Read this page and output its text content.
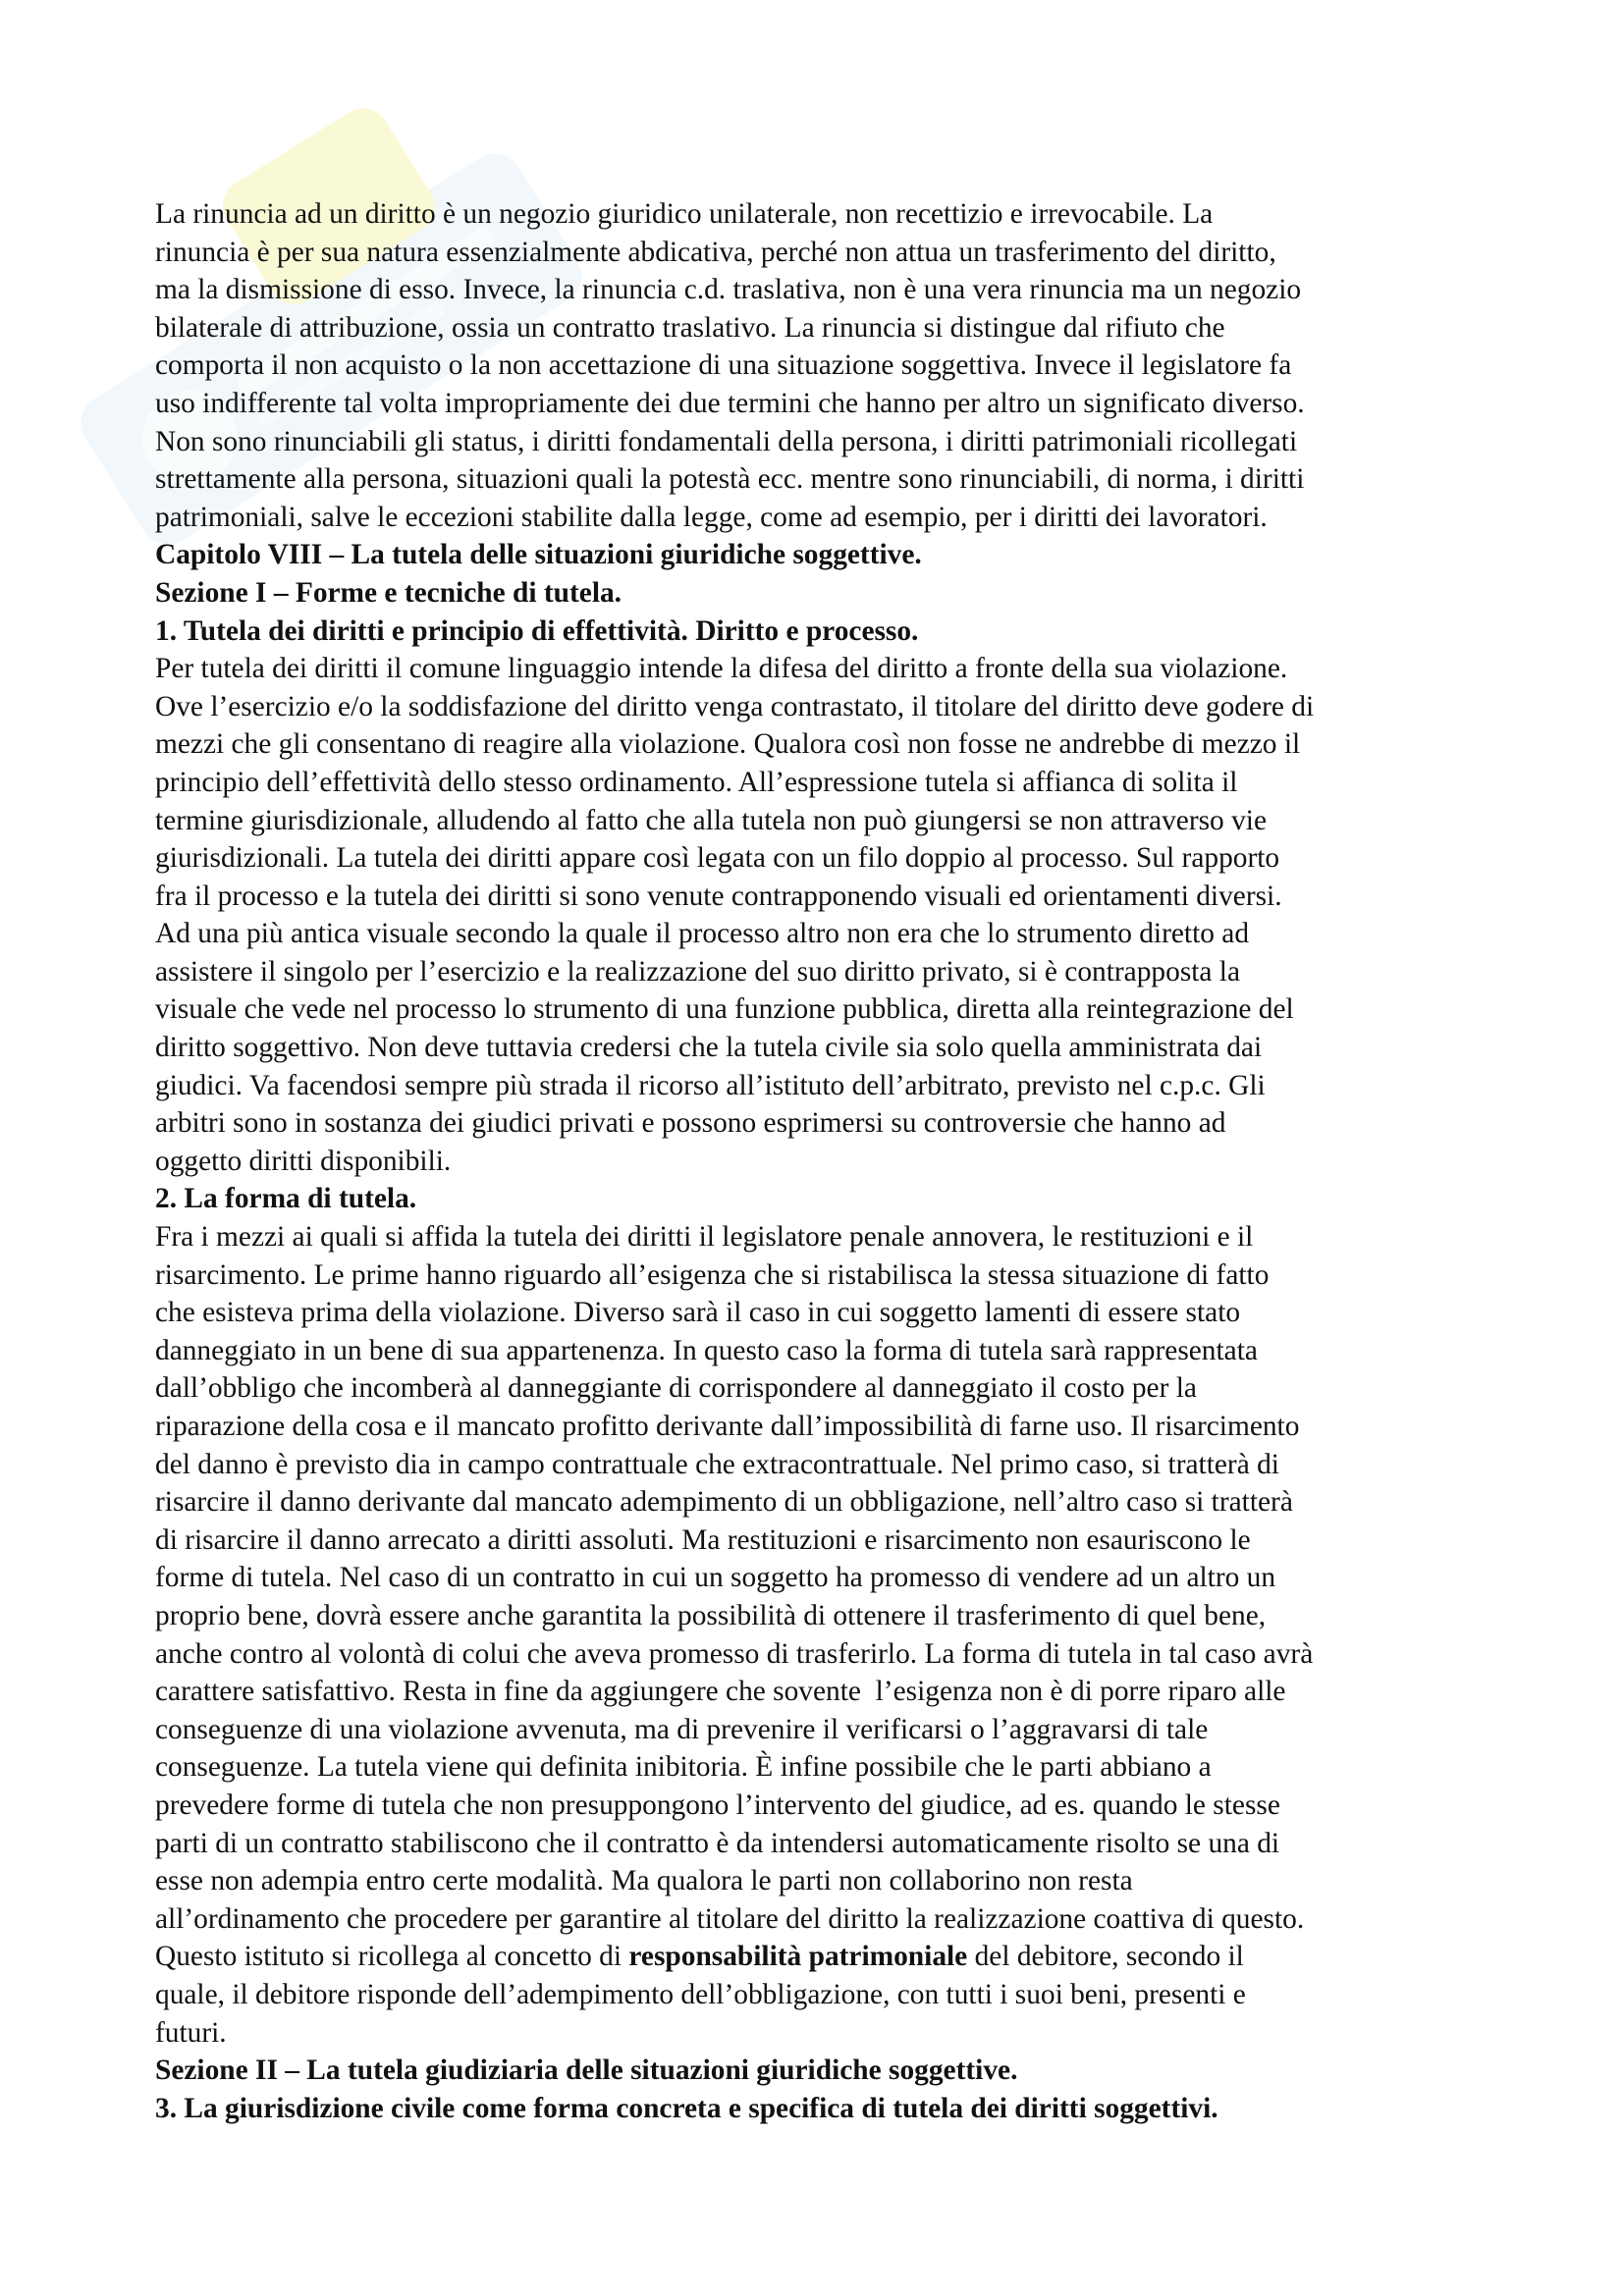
La rinuncia ad un diritto è un negozio giuridico unilaterale, non recettizio e irrevocabile. La
rinuncia è per sua natura essenzialmente abdicativa, perché non attua un trasferimento del diritto,
ma la dismissione di esso. Invece, la rinuncia c.d. traslativa, non è una vera rinuncia ma un negozio
bilaterale di attribuzione, ossia un contratto traslativo. La rinuncia si distingue dal rifiuto che
comporta il non acquisto o la non accettazione di una situazione soggettiva. Invece il legislatore fa
uso indifferente tal volta impropriamente dei due termini che hanno per altro un significato diverso.
Non sono rinunciabili gli status, i diritti fondamentali della persona, i diritti patrimoniali ricollegati
strettamente alla persona, situazioni quali la potestà ecc. mentre sono rinunciabili, di norma, i diritti
patrimoniali, salve le eccezioni stabilite dalla legge, come ad esempio, per i diritti dei lavoratori.
Capitolo VIII – La tutela delle situazioni giuridiche soggettive.
Sezione I – Forme e tecniche di tutela.
1. Tutela dei diritti e principio di effettività. Diritto e processo.
Per tutela dei diritti il comune linguaggio intende la difesa del diritto a fronte della sua violazione.
Ove l’esercizio e/o la soddisfazione del diritto venga contrastato, il titolare del diritto deve godere di
mezzi che gli consentano di reagire alla violazione. Qualora così non fosse ne andrebbe di mezzo il
principio dell’effettività dello stesso ordinamento. All’espressione tutela si affianca di solita il
termine giurisdizionale, alludendo al fatto che alla tutela non può giungersi se non attraverso vie
giurisdizionali. La tutela dei diritti appare così legata con un filo doppio al processo. Sul rapporto
fra il processo e la tutela dei diritti si sono venute contrapponendo visuali ed orientamenti diversi.
Ad una più antica visuale secondo la quale il processo altro non era che lo strumento diretto ad
assistere il singolo per l’esercizio e la realizzazione del suo diritto privato, si è contrapposta la
visuale che vede nel processo lo strumento di una funzione pubblica, diretta alla reintegrazione del
diritto soggettivo. Non deve tuttavia credersi che la tutela civile sia solo quella amministrata dai
giudici. Va facendosi sempre più strada il ricorso all’istituto dell’arbitrato, previsto nel c.p.c. Gli
arbitri sono in sostanza dei giudici privati e possono esprimersi su controversie che hanno ad
oggetto diritti disponibili.
2. La forma di tutela.
Fra i mezzi ai quali si affida la tutela dei diritti il legislatore penale annovera, le restituzioni e il
risarcimento. Le prime hanno riguardo all’esigenza che si ristabilisca la stessa situazione di fatto
che esisteva prima della violazione. Diverso sarà il caso in cui soggetto lamenti di essere stato
danneggiato in un bene di sua appartenenza. In questo caso la forma di tutela sarà rappresentata
dall’obbligo che incomberà al danneggiante di corrispondere al danneggiato il costo per la
riparazione della cosa e il mancato profitto derivante dall’impossibilità di farne uso. Il risarcimento
del danno è previsto dia in campo contrattuale che extracontrattuale. Nel primo caso, si tratterà di
risarcire il danno derivante dal mancato adempimento di un obbligazione, nell’altro caso si tratterà
di risarcire il danno arrecato a diritti assoluti. Ma restituzioni e risarcimento non esauriscono le
forme di tutela. Nel caso di un contratto in cui un soggetto ha promesso di vendere ad un altro un
proprio bene, dovrà essere anche garantita la possibilità di ottenere il trasferimento di quel bene,
anche contro al volontà di colui che aveva promesso di trasferirlo. La forma di tutela in tal caso avrà
carattere satisfattivo. Resta in fine da aggiungere che sovente  l’esigenza non è di porre riparo alle
conseguenze di una violazione avvenuta, ma di prevenire il verificarsi o l’aggravarsi di tale
conseguenze. La tutela viene qui definita inibitoria. È infine possibile che le parti abbiano a
prevedere forme di tutela che non presuppongono l’intervento del giudice, ad es. quando le stesse
parti di un contratto stabiliscono che il contratto è da intendersi automaticamente risolto se una di
esse non adempia entro certe modalità. Ma qualora le parti non collaborino non resta
all’ordinamento che procedere per garantire al titolare del diritto la realizzazione coattiva di questo.
Questo istituto si ricollega al concetto di responsabilità patrimoniale del debitore, secondo il
quale, il debitore risponde dell’adempimento dell’obbligazione, con tutti i suoi beni, presenti e
futuri.
Sezione II – La tutela giudiziaria delle situazioni giuridiche soggettive.
3. La giurisdizione civile come forma concreta e specifica di tutela dei diritti soggettivi.
